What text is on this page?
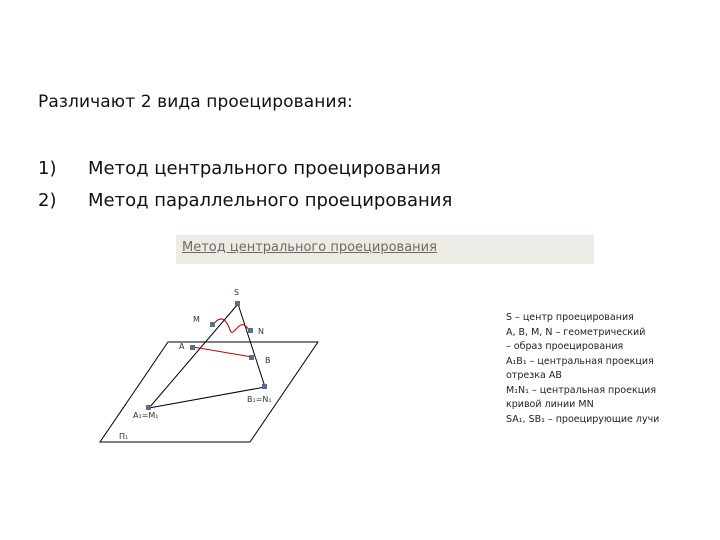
Различают 2 вида проецирования:
1) Метод центрального проецирования
2) Метод параллельного проецирования
Метод центрального проецирования
S
M
N
A
B
A₁=M₁
B₁=N₁
Π₁
S – центр проецирования
A, B, M, N – геометрический
– образ проецирования
A₁B₁ – центральная проекция
отрезка AB
M₁N₁ – центральная проекция
кривой линии MN
SA₁, SB₁ – проецирующие лучи
